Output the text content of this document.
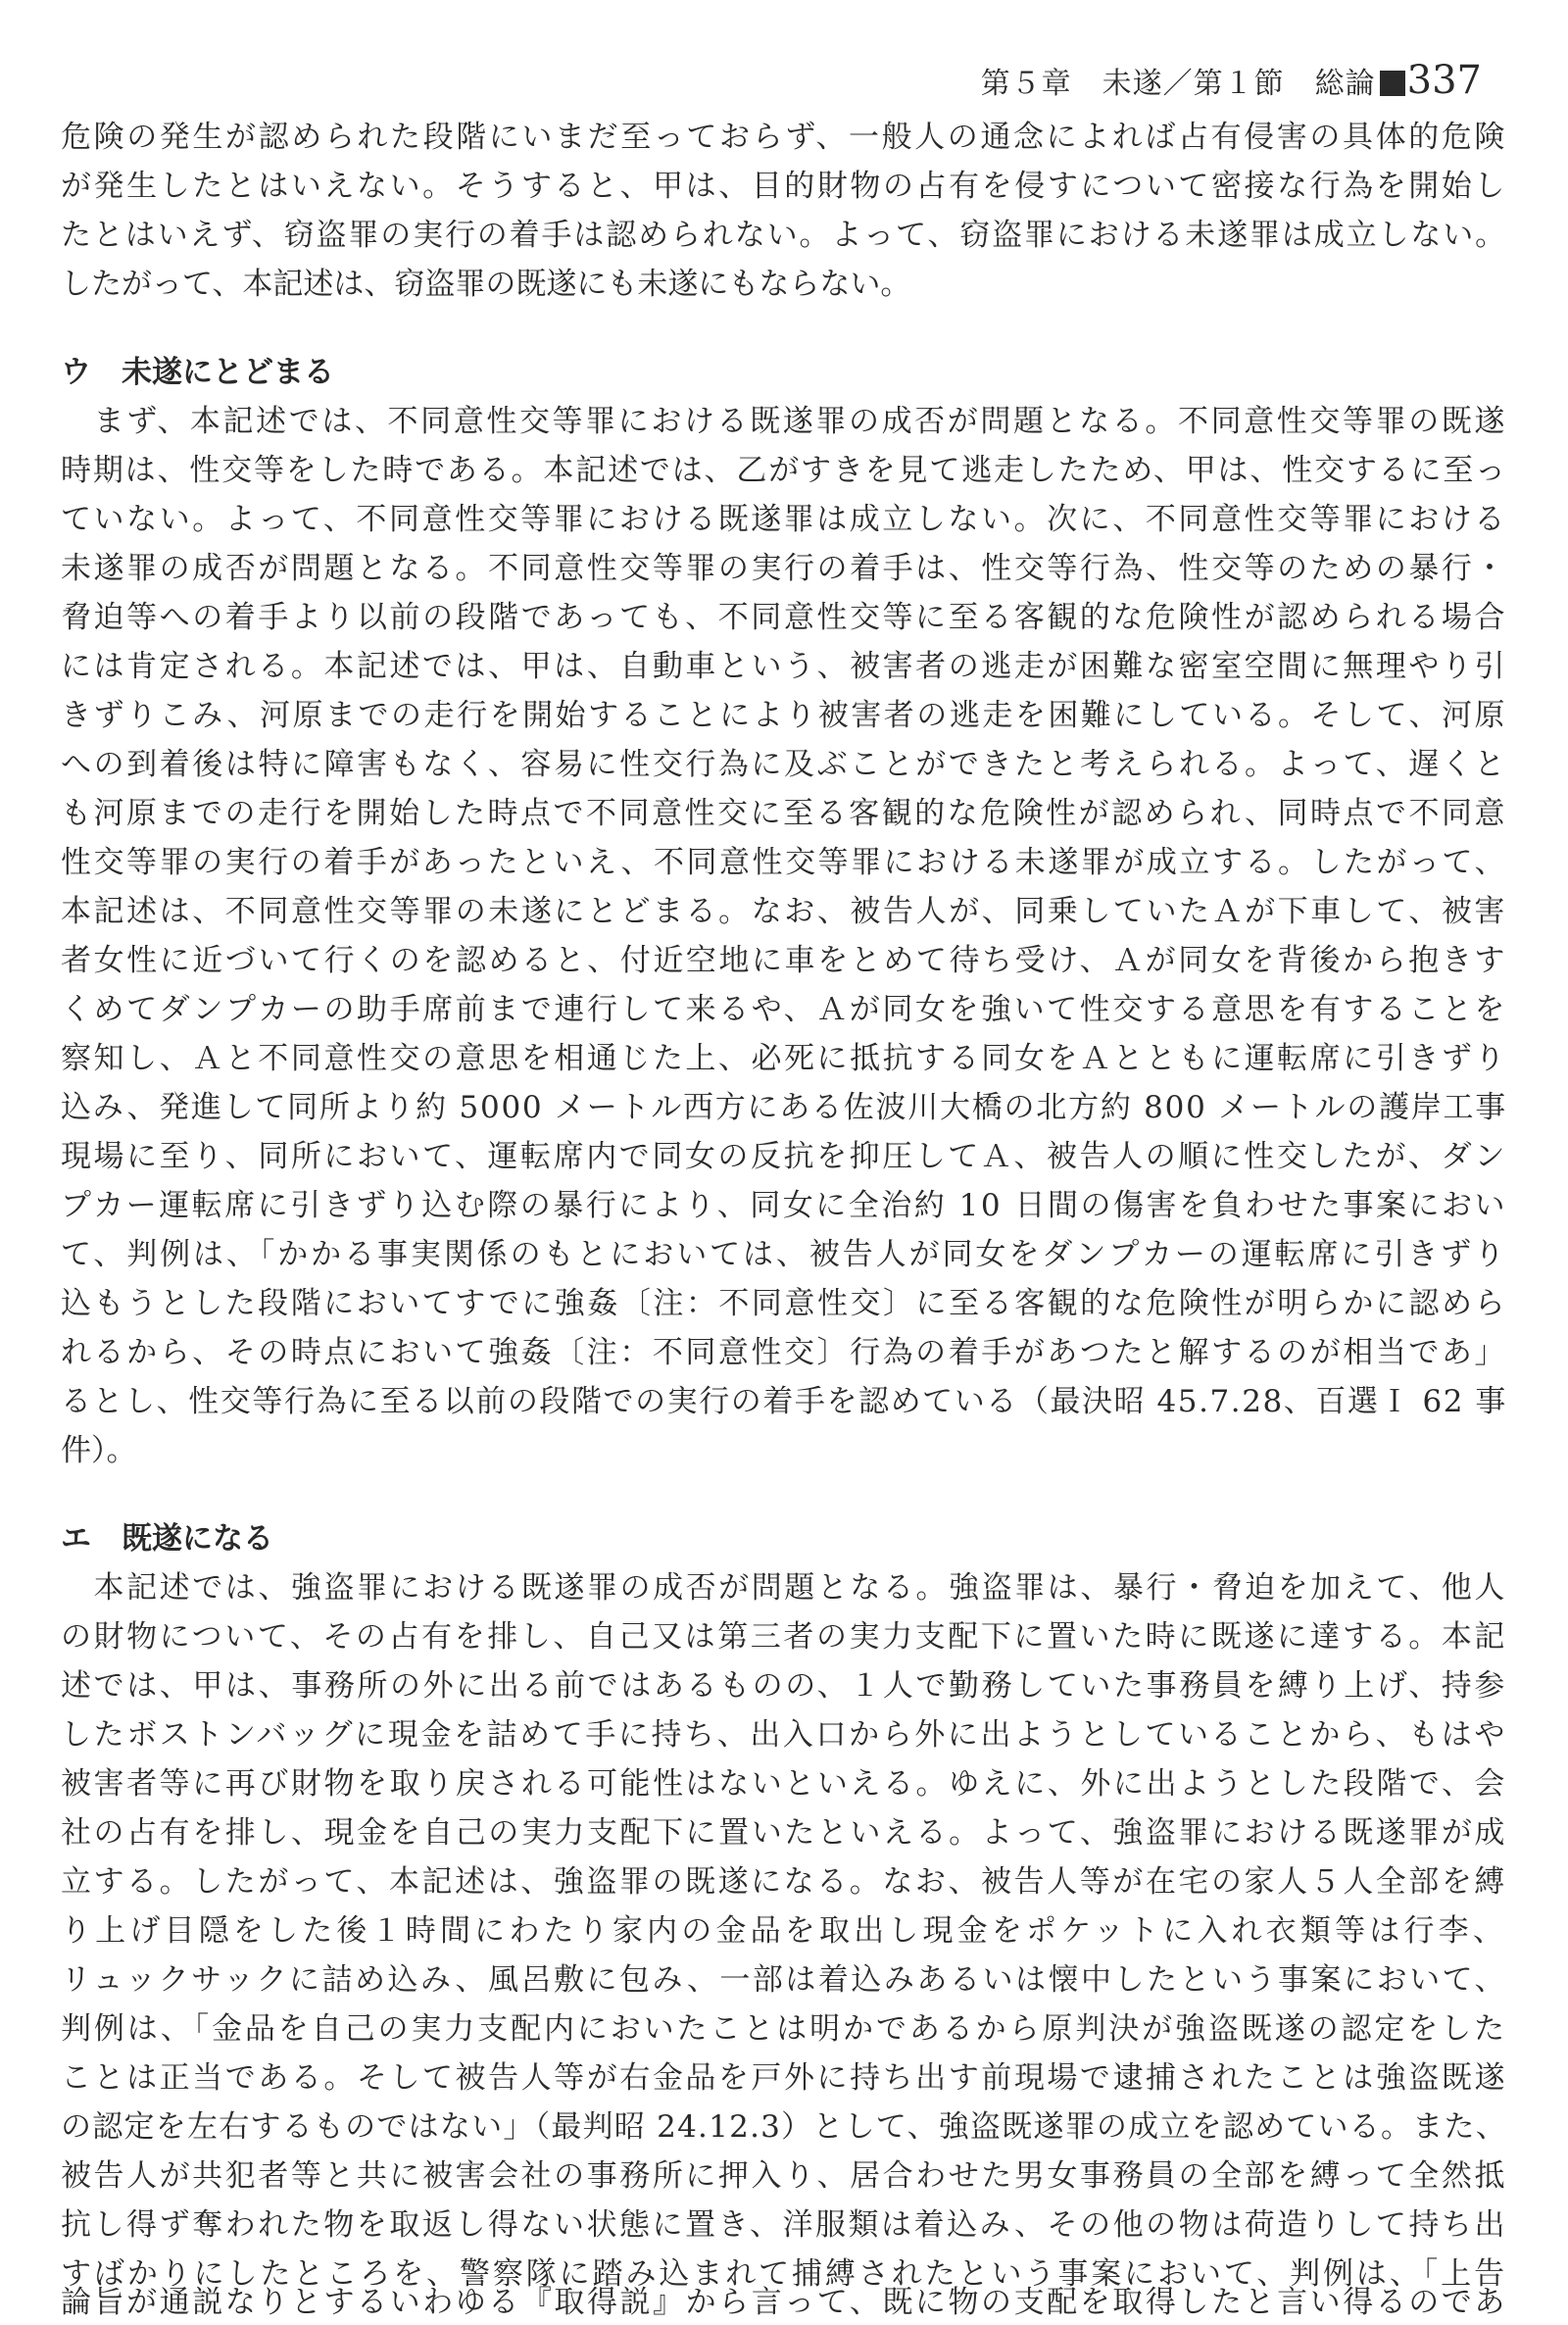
第５章　未遂／第１節　総論 337
危険の発生が認められた段階にいまだ至っておらず、一般人の通念によれば占有侵害の具体的危険
が発生したとはいえない。そうすると、甲は、目的財物の占有を侵すについて密接な行為を開始し
たとはいえず、窃盗罪の実行の着手は認められない。よって、窃盗罪における未遂罪は成立しない。
したがって、本記述は、窃盗罪の既遂にも未遂にもならない。
ウ　未遂にとどまる
　まず、本記述では、不同意性交等罪における既遂罪の成否が問題となる。不同意性交等罪の既遂
時期は、性交等をした時である。本記述では、乙がすきを見て逃走したため、甲は、性交するに至っ
ていない。よって、不同意性交等罪における既遂罪は成立しない。次に、不同意性交等罪における
未遂罪の成否が問題となる。不同意性交等罪の実行の着手は、性交等行為、性交等のための暴行・
脅迫等への着手より以前の段階であっても、不同意性交等に至る客観的な危険性が認められる場合
には肯定される。本記述では、甲は、自動車という、被害者の逃走が困難な密室空間に無理やり引
きずりこみ、河原までの走行を開始することにより被害者の逃走を困難にしている。そして、河原
への到着後は特に障害もなく、容易に性交行為に及ぶことができたと考えられる。よって、遅くと
も河原までの走行を開始した時点で不同意性交に至る客観的な危険性が認められ、同時点で不同意
性交等罪の実行の着手があったといえ、不同意性交等罪における未遂罪が成立する。したがって、
本記述は、不同意性交等罪の未遂にとどまる。なお、被告人が、同乗していたＡが下車して、被害
者女性に近づいて行くのを認めると、付近空地に車をとめて待ち受け、Ａが同女を背後から抱きす
くめてダンプカーの助手席前まで連行して来るや、Ａが同女を強いて性交する意思を有することを
察知し、Ａと不同意性交の意思を相通じた上、必死に抵抗する同女をＡとともに運転席に引きずり
込み、発進して同所より約 5000 メートル西方にある佐波川大橋の北方約 800 メートルの護岸工事
現場に至り、同所において、運転席内で同女の反抗を抑圧してＡ、被告人の順に性交したが、ダン
プカー運転席に引きずり込む際の暴行により、同女に全治約 10 日間の傷害を負わせた事案におい
て、判例は、「かかる事実関係のもとにおいては、被告人が同女をダンプカーの運転席に引きずり
込もうとした段階においてすでに強姦〔注：不同意性交〕に至る客観的な危険性が明らかに認めら
れるから、その時点において強姦〔注：不同意性交〕行為の着手があつたと解するのが相当であ」
るとし、性交等行為に至る以前の段階での実行の着手を認めている（最決昭 45.7.28、百選Ｉ 62 事
件）。
エ　既遂になる
　本記述では、強盗罪における既遂罪の成否が問題となる。強盗罪は、暴行・脅迫を加えて、他人
の財物について、その占有を排し、自己又は第三者の実力支配下に置いた時に既遂に達する。本記
述では、甲は、事務所の外に出る前ではあるものの、１人で勤務していた事務員を縛り上げ、持参
したボストンバッグに現金を詰めて手に持ち、出入口から外に出ようとしていることから、もはや
被害者等に再び財物を取り戻される可能性はないといえる。ゆえに、外に出ようとした段階で、会
社の占有を排し、現金を自己の実力支配下に置いたといえる。よって、強盗罪における既遂罪が成
立する。したがって、本記述は、強盗罪の既遂になる。なお、被告人等が在宅の家人５人全部を縛
り上げ目隠をした後１時間にわたり家内の金品を取出し現金をポケットに入れ衣類等は行李、
リュックサックに詰め込み、風呂敷に包み、一部は着込みあるいは懐中したという事案において、
判例は、「金品を自己の実力支配内においたことは明かであるから原判決が強盗既遂の認定をした
ことは正当である。そして被告人等が右金品を戸外に持ち出す前現場で逮捕されたことは強盗既遂
の認定を左右するものではない」（最判昭 24.12.3）として、強盗既遂罪の成立を認めている。また、
被告人が共犯者等と共に被害会社の事務所に押入り、居合わせた男女事務員の全部を縛って全然抵
抗し得ず奪われた物を取返し得ない状態に置き、洋服類は着込み、その他の物は荷造りして持ち出
すばかりにしたところを、警察隊に踏み込まれて捕縛されたという事案において、判例は、「上告
論旨が通説なりとするいわゆる『取得説』から言って、既に物の支配を取得したと言い得るのであ
